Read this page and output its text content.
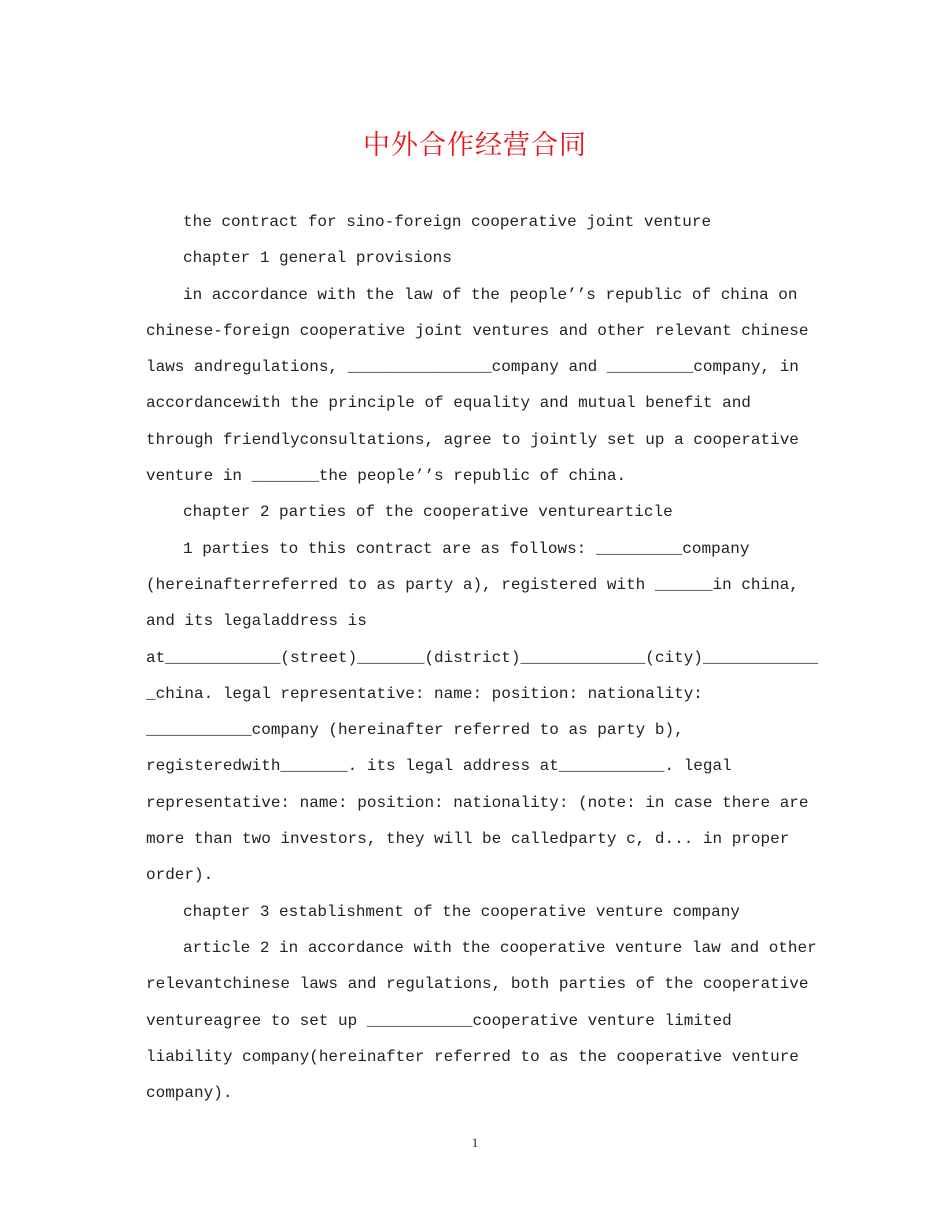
中外合作经营合同
the contract for sino-foreign cooperative joint venture
chapter 1 general provisions
in accordance with the law of the people’’s republic of china on
chinese-foreign cooperative joint ventures and other relevant chinese
laws andregulations, _______________company and _________company, in
accordancewith the principle of equality and mutual benefit and
through friendlyconsultations, agree to jointly set up a cooperative
venture in _______the people’’s republic of china.
chapter 2 parties of the cooperative venturearticle
1 parties to this contract are as follows: _________company
(hereinafterreferred to as party a), registered with ______in china,
and its legaladdress is
at____________(street)_______(district)_____________(city)____________
_china. legal representative: name: position: nationality:
___________company (hereinafter referred to as party b),
registeredwith_______. its legal address at___________. legal
representative: name: position: nationality: (note: in case there are
more than two investors, they will be calledparty c, d... in proper
order).
chapter 3 establishment of the cooperative venture company
article 2 in accordance with the cooperative venture law and other
relevantchinese laws and regulations, both parties of the cooperative
ventureagree to set up ___________cooperative venture limited
liability company(hereinafter referred to as the cooperative venture
company).
1
